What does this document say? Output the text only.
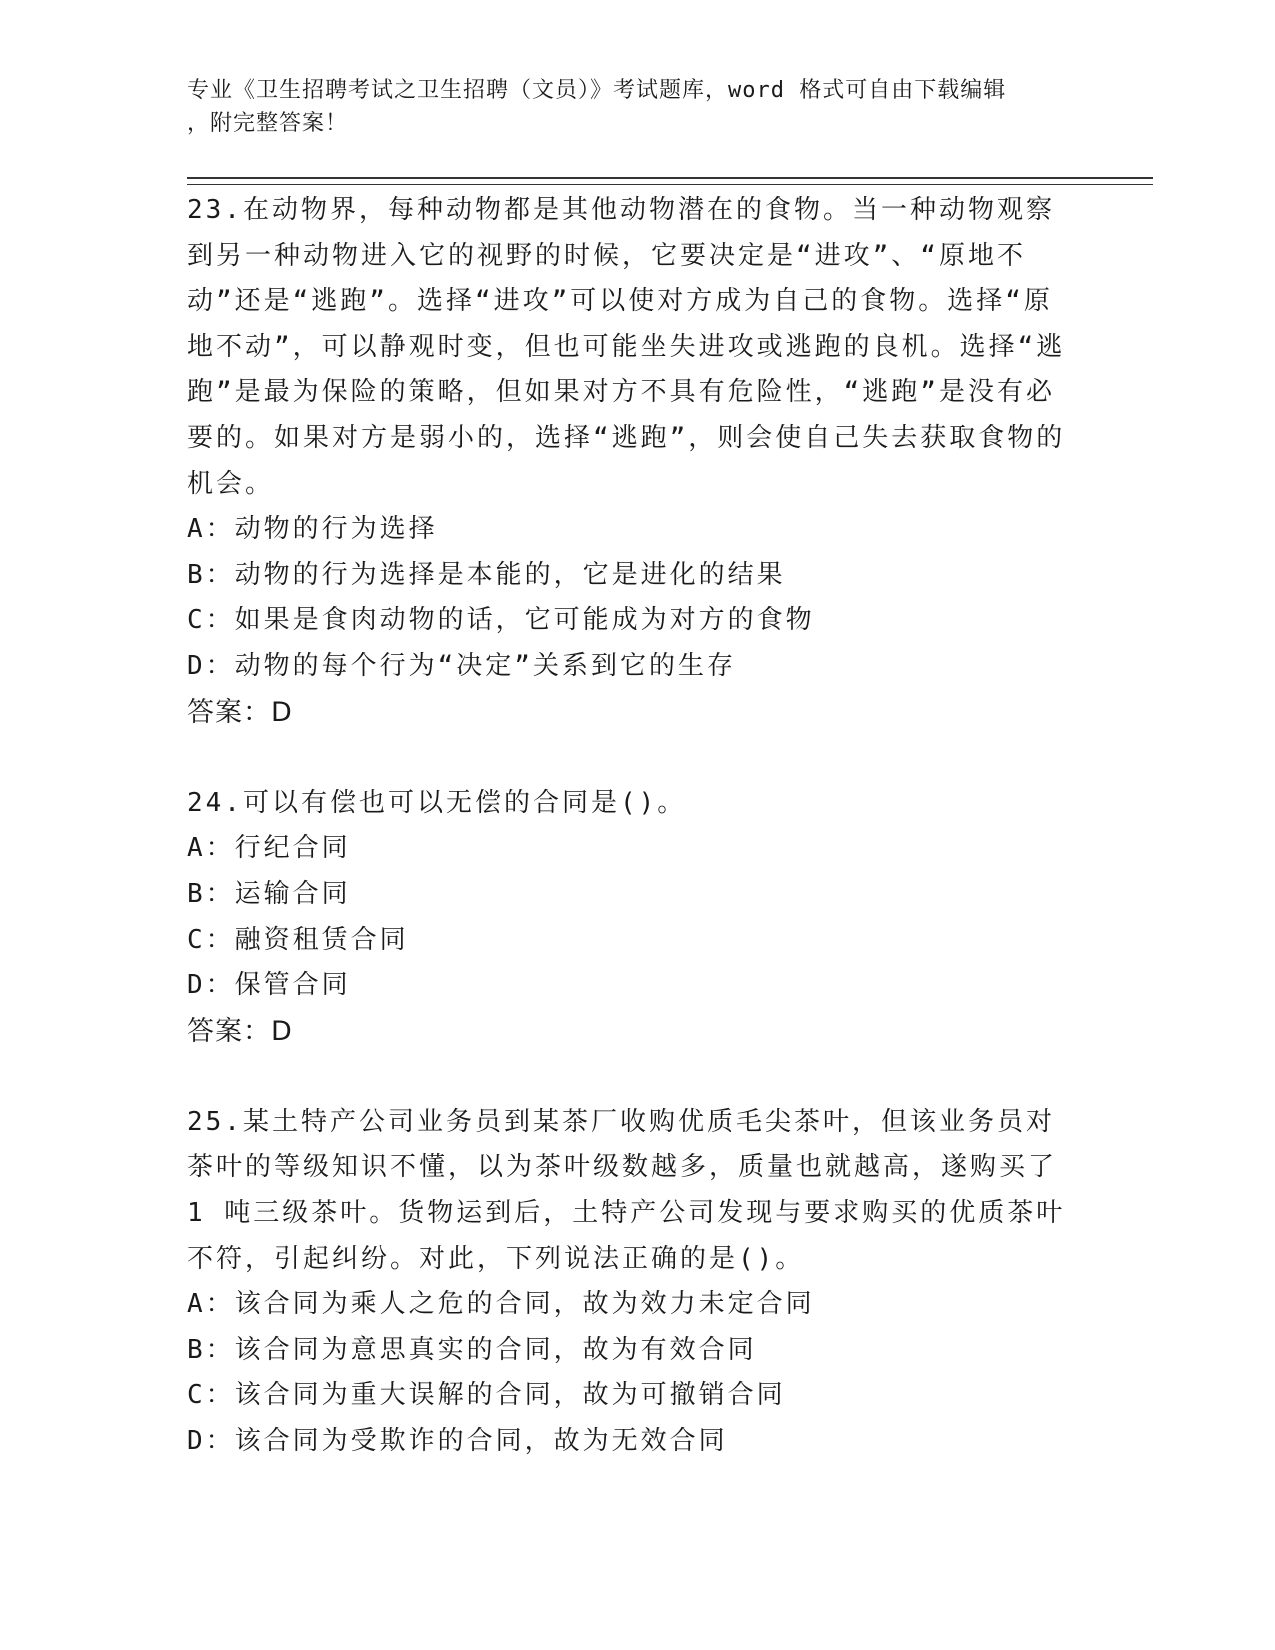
专业《卫生招聘考试之卫生招聘（文员）》考试题库，word 格式可自由下载编辑
，附完整答案！

23.在动物界，每种动物都是其他动物潜在的食物。当一种动物观察到另一种动物进入它的视野的时候，它要决定是“进攻”、“原地不动”还是“逃跑”。选择“进攻”可以使对方成为自己的食物。选择“原地不动”，可以静观时变，但也可能坐失进攻或逃跑的良机。选择“逃跑”是最为保险的策略，但如果对方不具有危险性，“逃跑”是没有必要的。如果对方是弱小的，选择“逃跑”，则会使自己失去获取食物的机会。

A：动物的行为选择

B：动物的行为选择是本能的，它是进化的结果

C：如果是食肉动物的话，它可能成为对方的食物

D：动物的每个行为“决定”关系到它的生存

答案：D

24.可以有偿也可以无偿的合同是()。

A：行纪合同

B：运输合同

C：融资租赁合同

D：保管合同

答案：D

25.某土特产公司业务员到某茶厂收购优质毛尖茶叶，但该业务员对茶叶的等级知识不懂，以为茶叶级数越多，质量也就越高，遂购买了 1 吨三级茶叶。货物运到后，土特产公司发现与要求购买的优质茶叶不符，引起纠纷。对此，下列说法正确的是()。

A：该合同为乘人之危的合同，故为效力未定合同

B：该合同为意思真实的合同，故为有效合同

C：该合同为重大误解的合同，故为可撤销合同

D：该合同为受欺诈的合同，故为无效合同
